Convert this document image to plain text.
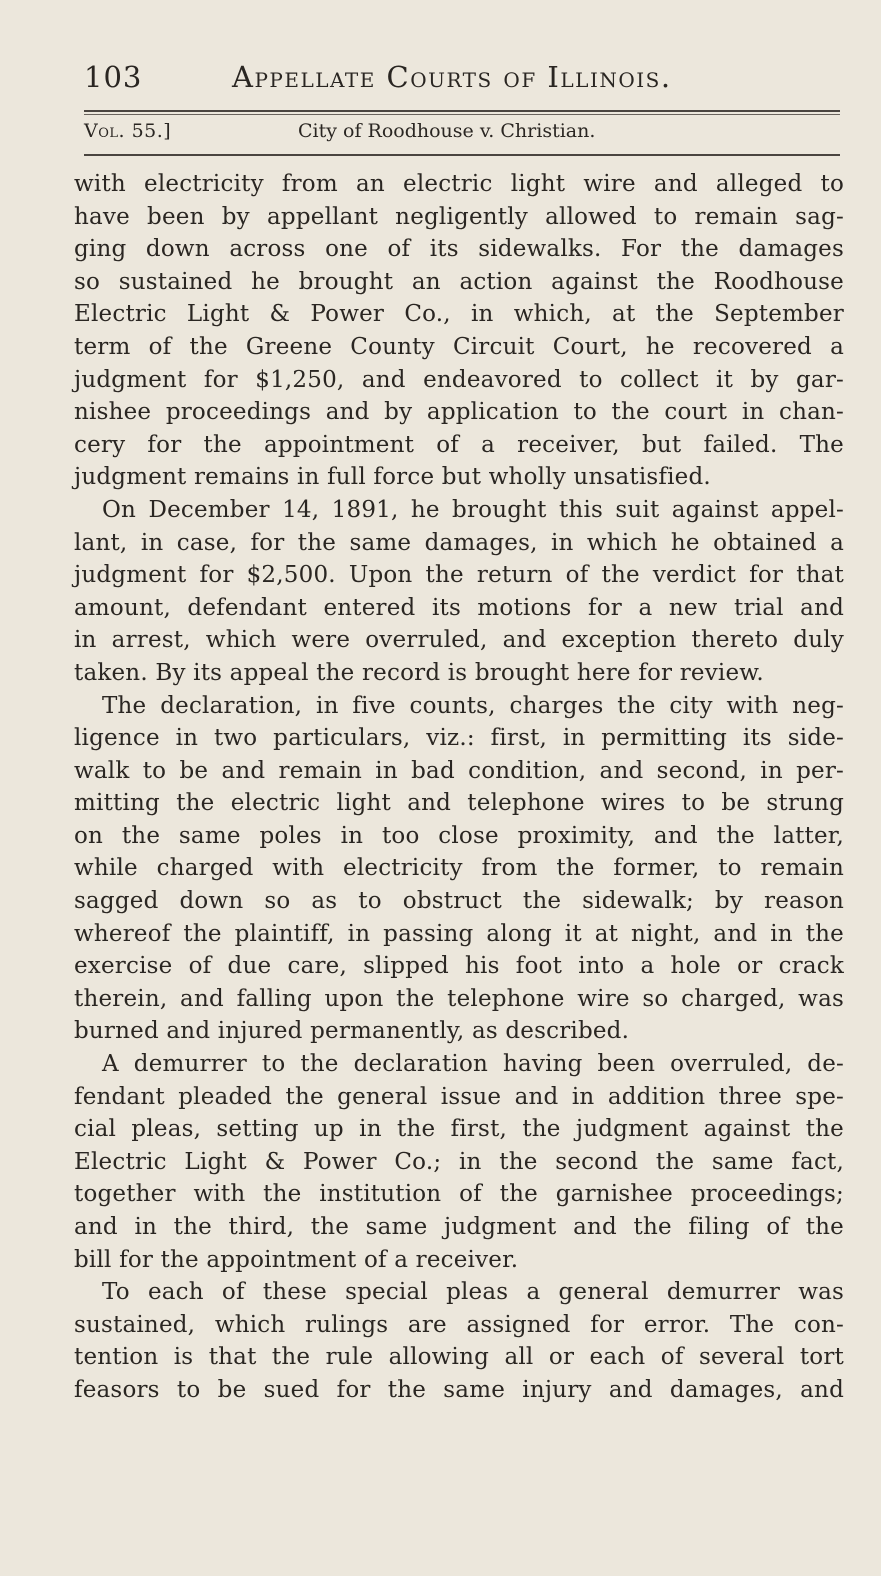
103	Appellate Courts of Illinois.
Vol. 55.]	City of Roodhouse v. Christian.
with electricity from an electric light wire and alleged to
have been by appellant negligently allowed to remain sag-
ging down across one of its sidewalks. For the damages
so sustained he brought an action against the Roodhouse
Electric Light & Power Co., in which, at the September
term of the Greene County Circuit Court, he recovered a
judgment for $1,250, and endeavored to collect it by gar-
nishee proceedings and by application to the court in chan-
cery for the appointment of a receiver, but failed. The
judgment remains in full force but wholly unsatisfied.
On December 14, 1891, he brought this suit against appel-
lant, in case, for the same damages, in which he obtained a
judgment for $2,500. Upon the return of the verdict for that
amount, defendant entered its motions for a new trial and
in arrest, which were overruled, and exception thereto duly
taken. By its appeal the record is brought here for review.
The declaration, in five counts, charges the city with neg-
ligence in two particulars, viz.: first, in permitting its side-
walk to be and remain in bad condition, and second, in per-
mitting the electric light and telephone wires to be strung
on the same poles in too close proximity, and the latter,
while charged with electricity from the former, to remain
sagged down so as to obstruct the sidewalk; by reason
whereof the plaintiff, in passing along it at night, and in the
exercise of due care, slipped his foot into a hole or crack
therein, and falling upon the telephone wire so charged, was
burned and injured permanently, as described.
A demurrer to the declaration having been overruled, de-
fendant pleaded the general issue and in addition three spe-
cial pleas, setting up in the first, the judgment against the
Electric Light & Power Co.; in the second the same fact,
together with the institution of the garnishee proceedings;
and in the third, the same judgment and the filing of the
bill for the appointment of a receiver.
To each of these special pleas a general demurrer was
sustained, which rulings are assigned for error. The con-
tention is that the rule allowing all or each of several tort
feasors to be sued for the same injury and damages, and
